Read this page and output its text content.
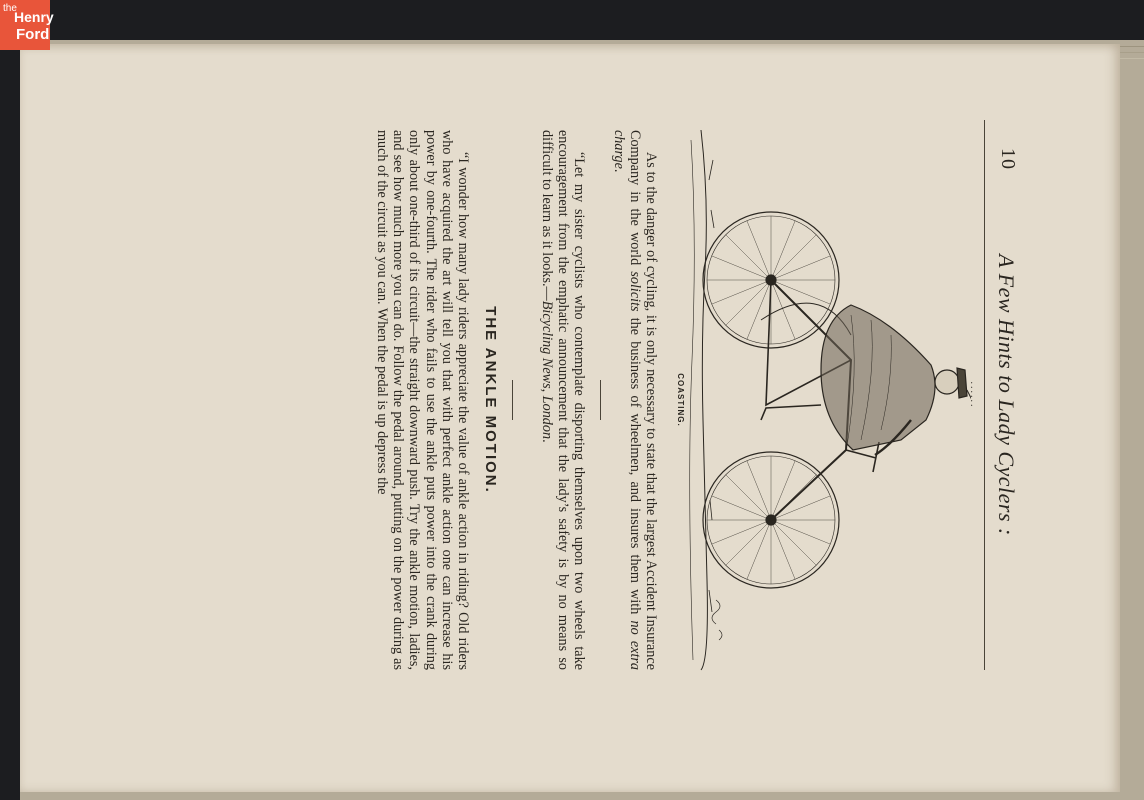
the
Henry
Ford
10
A Few Hints to Lady Cyclers :
......
COASTING.

As to the danger of cycling, it is only necessary to state that the largest Accident Insurance Company in the world solicits the business of wheelmen, and insures them with no extra charge.

“Let my sister cyclists who contemplate disporting themselves upon two wheels take encouragement from the emphatic announcement that the lady’s safety is by no means so difficult to learn as it looks.—Bicycling News, London.

THE ANKLE MOTION.

“I wonder how many lady riders appreciate the value of ankle action in riding? Old riders who have acquired the art will tell you that with perfect ankle action one can increase his power by one-fourth. The rider who fails to use the ankle puts power into the crank during only about one-third of its circuit—the straight downward push. Try the ankle motion, ladies, and see how much more you can do. Follow the pedal around, putting on the power during as much of the circuit as you can. When the pedal is up depress the
